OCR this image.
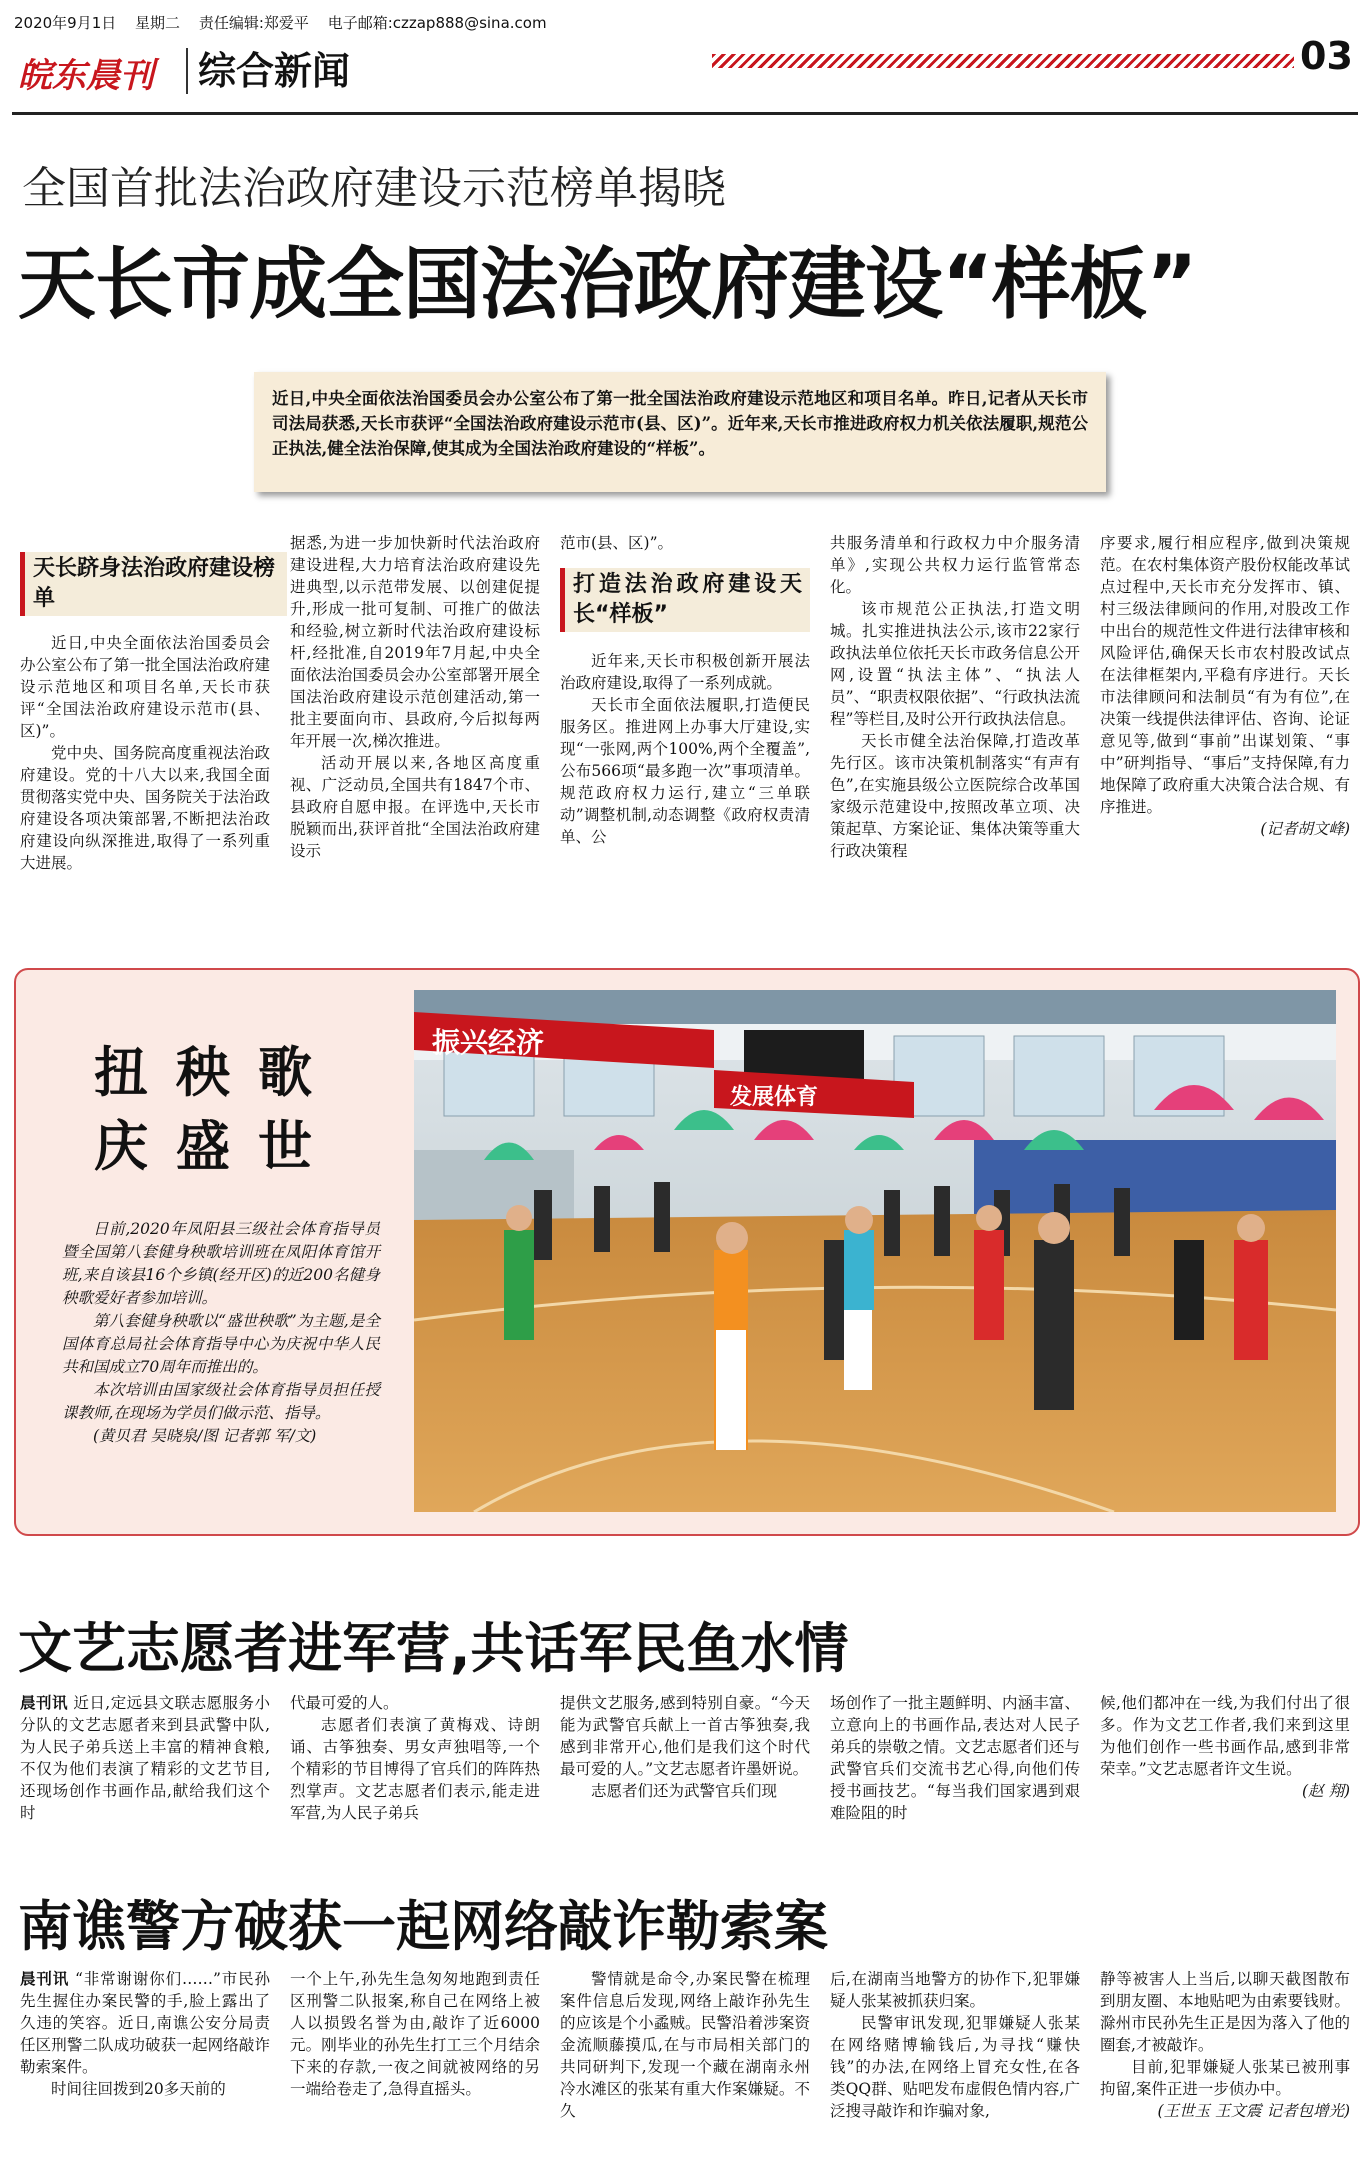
2020年9月1日 星期二 责任编辑:郑爱平 电子邮箱:czzap888@sina.com
皖东晨刊	综合新闻	03
全国首批法治政府建设示范榜单揭晓
天长市成全国法治政府建设“样板”
近日,中央全面依法治国委员会办公室公布了第一批全国法治政府建设示范地区和项目名单。昨日,记者从天长市司法局获悉,天长市获评“全国法治政府建设示范市(县、区)”。近年来,天长市推进政府权力机关依法履职,规范公正执法,健全法治保障,使其成为全国法治政府建设的“样板”。
天长跻身法治政府建设榜单

近日,中央全面依法治国委员会办公室公布了第一批全国法治政府建设示范地区和项目名单,天长市获评“全国法治政府建设示范市(县、区)”。

党中央、国务院高度重视法治政府建设。党的十八大以来,我国全面贯彻落实党中央、国务院关于法治政府建设各项决策部署,不断把法治政府建设向纵深推进,取得了一系列重大进展。

据悉,为进一步加快新时代法治政府建设进程,大力培育法治政府建设先进典型,以示范带发展、以创建促提升,形成一批可复制、可推广的做法和经验,树立新时代法治政府建设标杆,经批准,自2019年7月起,中央全面依法治国委员会办公室部署开展全国法治政府建设示范创建活动,第一批主要面向市、县政府,今后拟每两年开展一次,梯次推进。

活动开展以来,各地区高度重视、广泛动员,全国共有1847个市、县政府自愿申报。在评选中,天长市脱颖而出,获评首批“全国法治政府建设示

范市(县、区)”。

打造法治政府建设天长“样板”

近年来,天长市积极创新开展法治政府建设,取得了一系列成就。

天长市全面依法履职,打造便民服务区。推进网上办事大厅建设,实现“一张网,两个100%,两个全覆盖”,公布566项“最多跑一次”事项清单。规范政府权力运行,建立“三单联动”调整机制,动态调整《政府权责清单、公

共服务清单和行政权力中介服务清单》,实现公共权力运行监管常态化。

该市规范公正执法,打造文明城。扎实推进执法公示,该市22家行政执法单位依托天长市政务信息公开网,设置“执法主体”、“执法人员”、“职责权限依据”、“行政执法流程”等栏目,及时公开行政执法信息。

天长市健全法治保障,打造改革先行区。该市决策机制落实“有声有色”,在实施县级公立医院综合改革国家级示范建设中,按照改革立项、决策起草、方案论证、集体决策等重大行政决策程

序要求,履行相应程序,做到决策规范。在农村集体资产股份权能改革试点过程中,天长市充分发挥市、镇、村三级法律顾问的作用,对股改工作中出台的规范性文件进行法律审核和风险评估,确保天长市农村股改试点在法律框架内,平稳有序进行。天长市法律顾问和法制员“有为有位”,在决策一线提供法律评估、咨询、论证意见等,做到“事前”出谋划策、“事中”研判指导、“事后”支持保障,有力地保障了政府重大决策合法合规、有序推进。

(记者胡文峰)

扭秧歌
庆盛世

日前,2020年凤阳县三级社会体育指导员暨全国第八套健身秧歌培训班在凤阳体育馆开班,来自该县16个乡镇(经开区)的近200名健身秧歌爱好者参加培训。

第八套健身秧歌以“盛世秧歌”为主题,是全国体育总局社会体育指导中心为庆祝中华人民共和国成立70周年而推出的。

本次培训由国家级社会体育指导员担任授课教师,在现场为学员们做示范、指导。

(黄贝君 吴晓泉/图 记者郭 军/文)

振兴经济
发展体育
文艺志愿者进军营,共话军民鱼水情

晨刊讯 近日,定远县文联志愿服务小分队的文艺志愿者来到县武警中队,为人民子弟兵送上丰富的精神食粮,不仅为他们表演了精彩的文艺节目,还现场创作书画作品,献给我们这个时

代最可爱的人。

志愿者们表演了黄梅戏、诗朗诵、古筝独奏、男女声独唱等,一个个精彩的节目博得了官兵们的阵阵热烈掌声。文艺志愿者们表示,能走进军营,为人民子弟兵

提供文艺服务,感到特别自豪。“今天能为武警官兵献上一首古筝独奏,我感到非常开心,他们是我们这个时代最可爱的人。”文艺志愿者许墨妍说。

志愿者们还为武警官兵们现

场创作了一批主题鲜明、内涵丰富、立意向上的书画作品,表达对人民子弟兵的崇敬之情。文艺志愿者们还与武警官兵们交流书艺心得,向他们传授书画技艺。“每当我们国家遇到艰难险阻的时

候,他们都冲在一线,为我们付出了很多。作为文艺工作者,我们来到这里为他们创作一些书画作品,感到非常荣幸。”文艺志愿者许文生说。

(赵 翔)

南谯警方破获一起网络敲诈勒索案

晨刊讯 “非常谢谢你们……”市民孙先生握住办案民警的手,脸上露出了久违的笑容。近日,南谯公安分局责任区刑警二队成功破获一起网络敲诈勒索案件。

时间往回拨到20多天前的

一个上午,孙先生急匆匆地跑到责任区刑警二队报案,称自己在网络上被人以损毁名誉为由,敲诈了近6000元。刚毕业的孙先生打工三个月结余下来的存款,一夜之间就被网络的另一端给卷走了,急得直摇头。

警情就是命令,办案民警在梳理案件信息后发现,网络上敲诈孙先生的应该是个小蟊贼。民警沿着涉案资金流顺藤摸瓜,在与市局相关部门的共同研判下,发现一个藏在湖南永州冷水滩区的张某有重大作案嫌疑。不久

后,在湖南当地警方的协作下,犯罪嫌疑人张某被抓获归案。

民警审讯发现,犯罪嫌疑人张某在网络赌博输钱后,为寻找“赚快钱”的办法,在网络上冒充女性,在各类QQ群、贴吧发布虚假色情内容,广泛搜寻敲诈和诈骗对象,

静等被害人上当后,以聊天截图散布到朋友圈、本地贴吧为由索要钱财。滁州市民孙先生正是因为落入了他的圈套,才被敲诈。

目前,犯罪嫌疑人张某已被刑事拘留,案件正进一步侦办中。

(王世玉 王文震 记者包增光)
